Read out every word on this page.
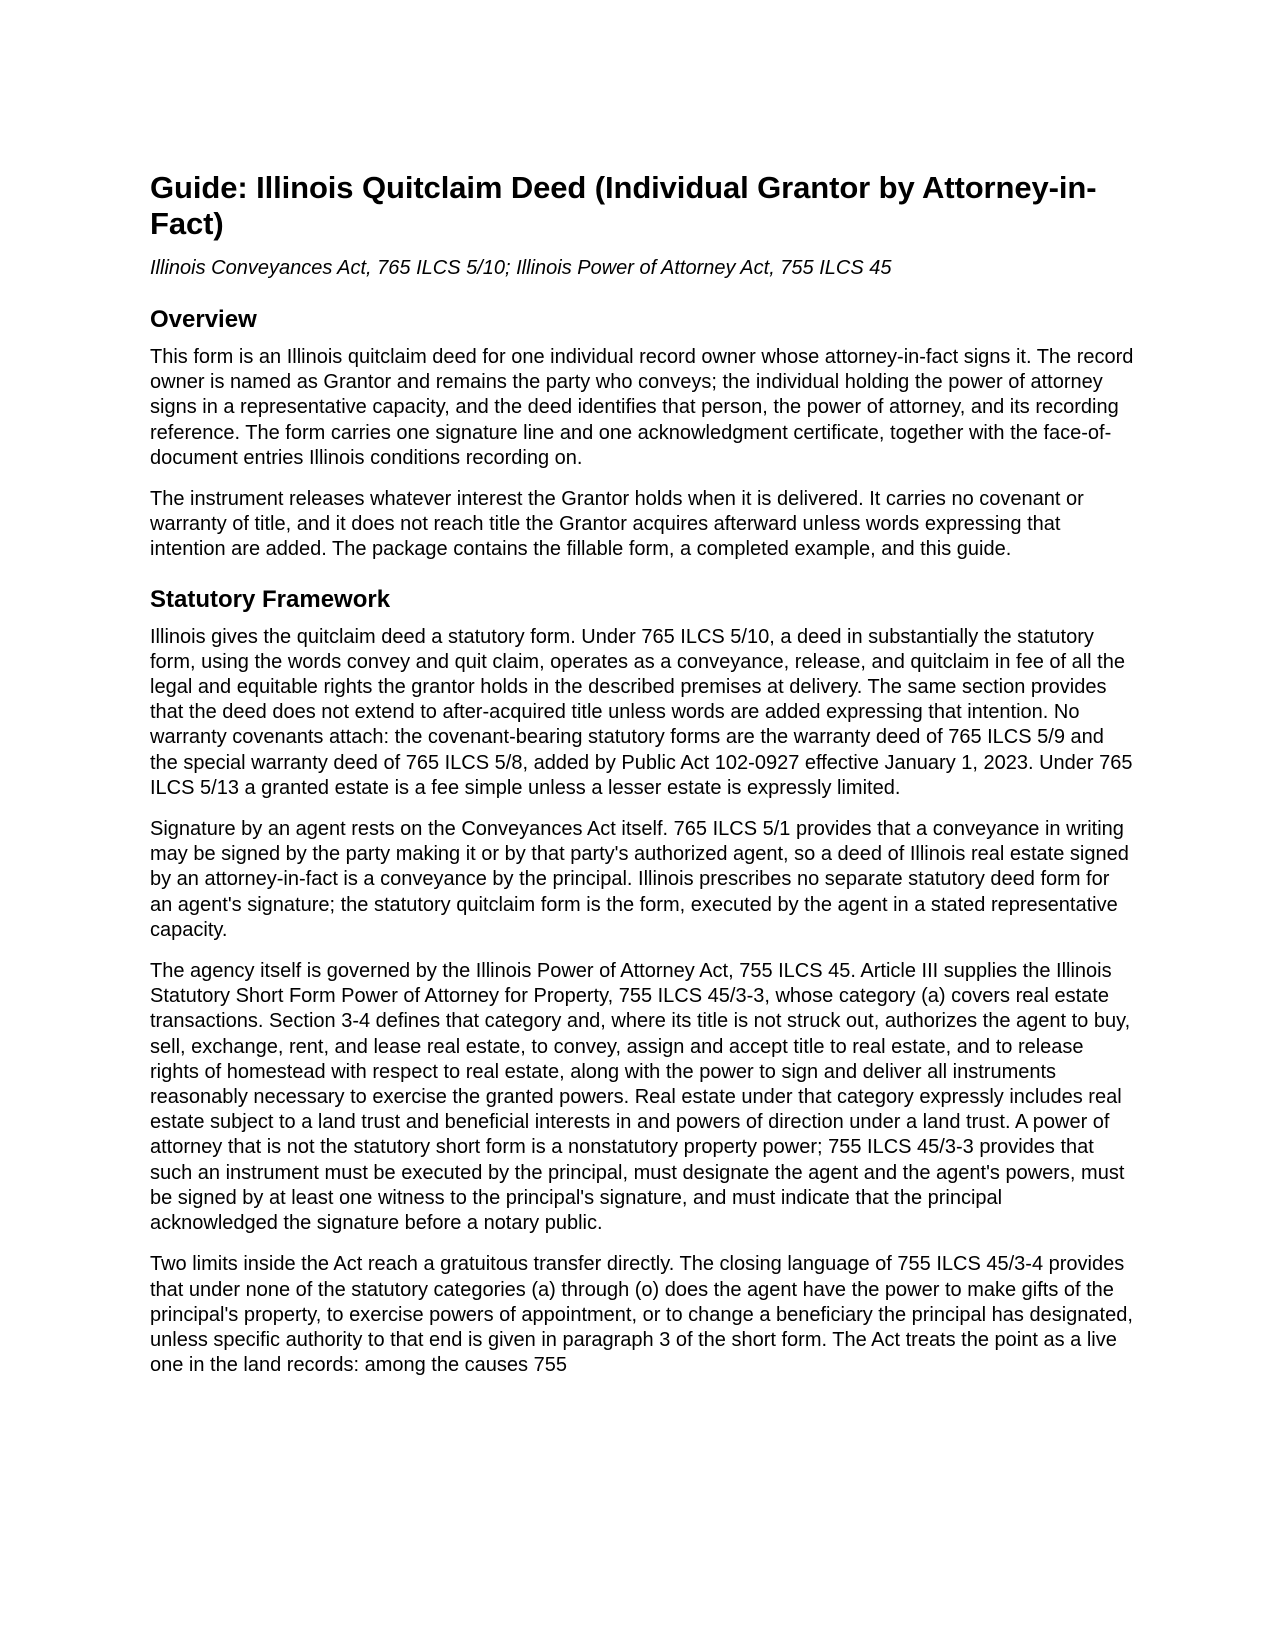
Guide: Illinois Quitclaim Deed (Individual Grantor by Attorney-in-Fact)
Illinois Conveyances Act, 765 ILCS 5/10; Illinois Power of Attorney Act, 755 ILCS 45
Overview

This form is an Illinois quitclaim deed for one individual record owner whose attorney-in-fact signs it. The record owner is named as Grantor and remains the party who conveys; the individual holding the power of attorney signs in a representative capacity, and the deed identifies that person, the power of attorney, and its recording reference. The form carries one signature line and one acknowledgment certificate, together with the face-of-document entries Illinois conditions recording on.

The instrument releases whatever interest the Grantor holds when it is delivered. It carries no covenant or warranty of title, and it does not reach title the Grantor acquires afterward unless words expressing that intention are added. The package contains the fillable form, a completed example, and this guide.

Statutory Framework

Illinois gives the quitclaim deed a statutory form. Under 765 ILCS 5/10, a deed in substantially the statutory form, using the words convey and quit claim, operates as a conveyance, release, and quitclaim in fee of all the legal and equitable rights the grantor holds in the described premises at delivery. The same section provides that the deed does not extend to after-acquired title unless words are added expressing that intention. No warranty covenants attach: the covenant-bearing statutory forms are the warranty deed of 765 ILCS 5/9 and the special warranty deed of 765 ILCS 5/8, added by Public Act 102-0927 effective January 1, 2023. Under 765 ILCS 5/13 a granted estate is a fee simple unless a lesser estate is expressly limited.

Signature by an agent rests on the Conveyances Act itself. 765 ILCS 5/1 provides that a conveyance in writing may be signed by the party making it or by that party's authorized agent, so a deed of Illinois real estate signed by an attorney-in-fact is a conveyance by the principal. Illinois prescribes no separate statutory deed form for an agent's signature; the statutory quitclaim form is the form, executed by the agent in a stated representative capacity.

The agency itself is governed by the Illinois Power of Attorney Act, 755 ILCS 45. Article III supplies the Illinois Statutory Short Form Power of Attorney for Property, 755 ILCS 45/3-3, whose category (a) covers real estate transactions. Section 3-4 defines that category and, where its title is not struck out, authorizes the agent to buy, sell, exchange, rent, and lease real estate, to convey, assign and accept title to real estate, and to release rights of homestead with respect to real estate, along with the power to sign and deliver all instruments reasonably necessary to exercise the granted powers. Real estate under that category expressly includes real estate subject to a land trust and beneficial interests in and powers of direction under a land trust. A power of attorney that is not the statutory short form is a nonstatutory property power; 755 ILCS 45/3-3 provides that such an instrument must be executed by the principal, must designate the agent and the agent's powers, must be signed by at least one witness to the principal's signature, and must indicate that the principal acknowledged the signature before a notary public.

Two limits inside the Act reach a gratuitous transfer directly. The closing language of 755 ILCS 45/3-4 provides that under none of the statutory categories (a) through (o) does the agent have the power to make gifts of the principal's property, to exercise powers of appointment, or to change a beneficiary the principal has designated, unless specific authority to that end is given in paragraph 3 of the short form. The Act treats the point as a live one in the land records: among the causes 755
